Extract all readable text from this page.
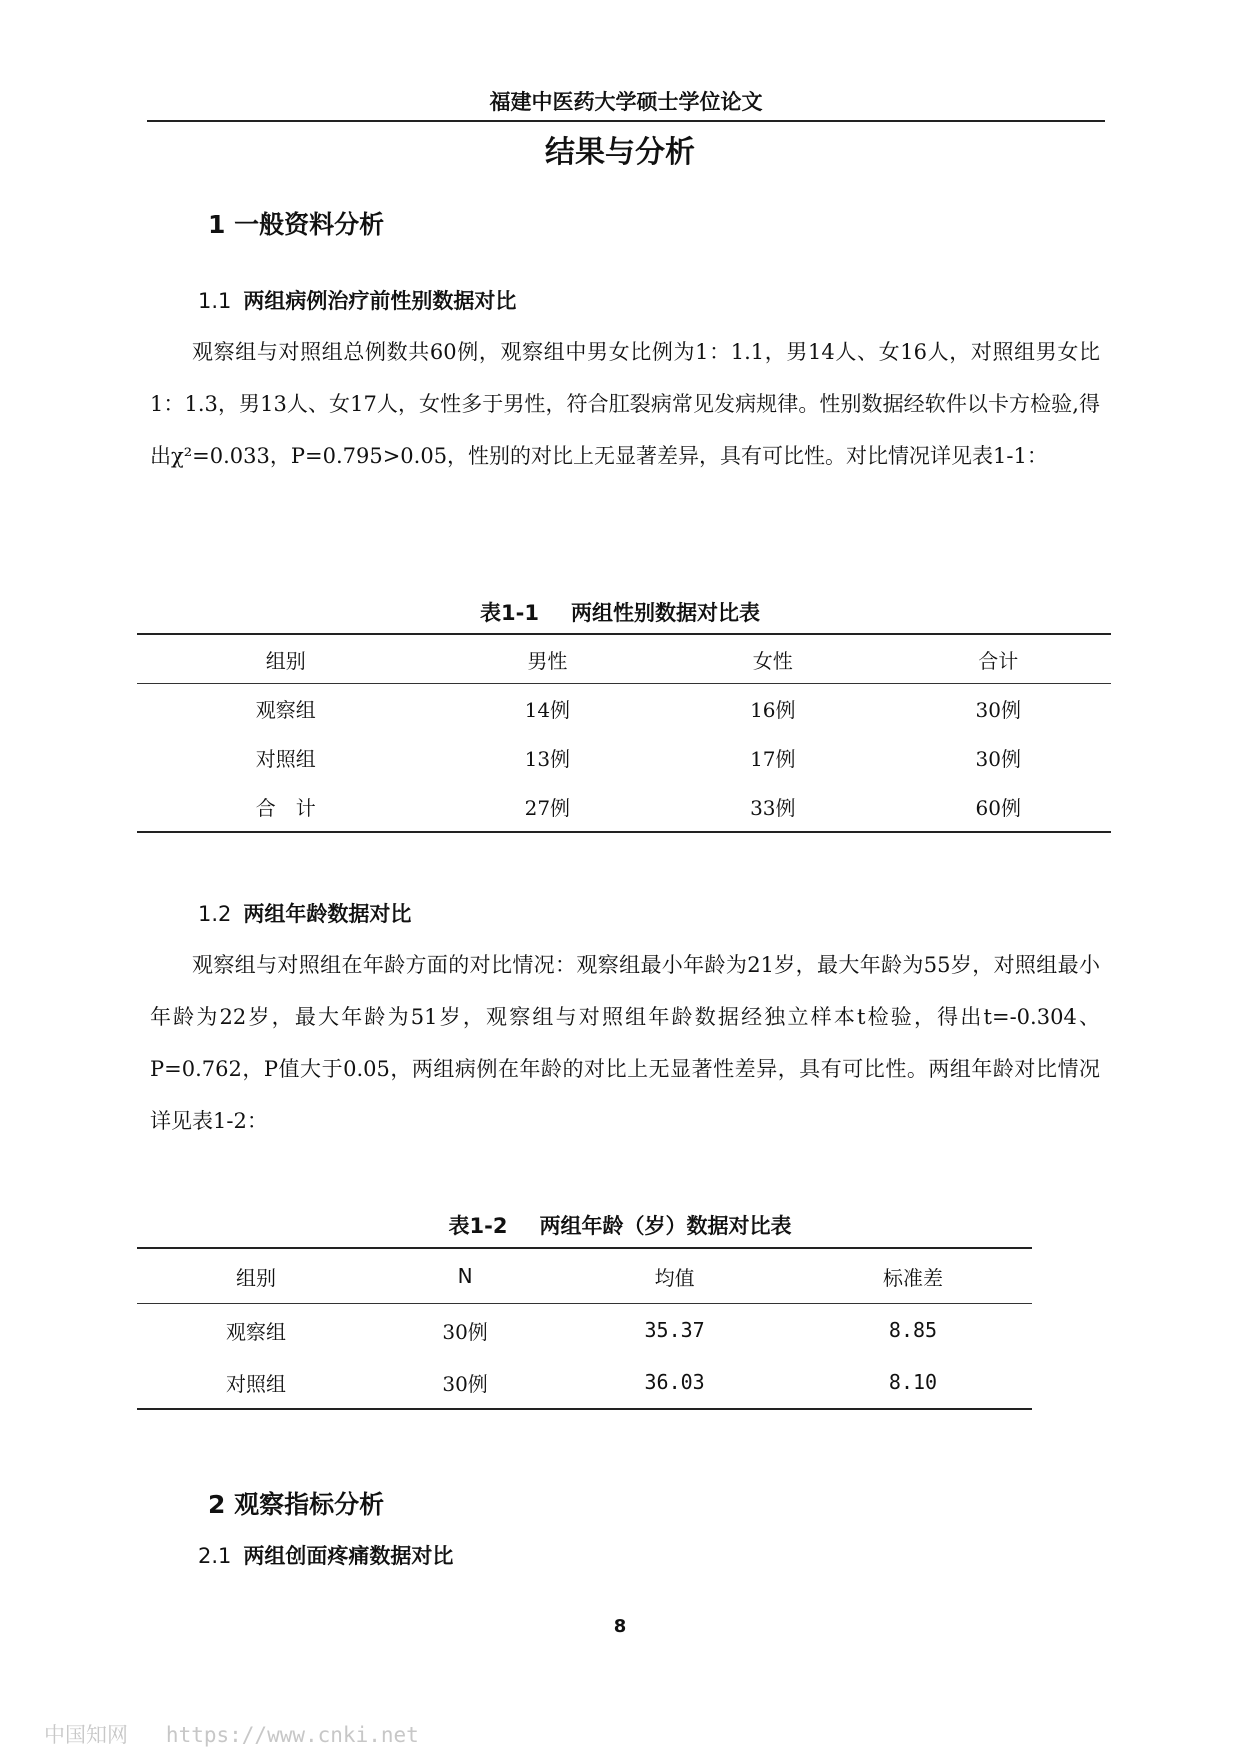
福建中医药大学硕士学位论文
结果与分析
1 一般资料分析
1.1 两组病例治疗前性别数据对比

观察组与对照组总例数共60例，观察组中男女比例为1：1.1，男14人、女16人，对照组男女比1：1.3，男13人、女17人，女性多于男性，符合肛裂病常见发病规律。性别数据经软件以卡方检验,得出χ²=0.033，P=0.795>0.05，性别的对比上无显著差异，具有可比性。对比情况详见表1-1：

表1-1 两组性别数据对比表
组别	男性	女性	合计
观察组	14例	16例	30例
对照组	13例	17例	30例
合　计	27例	33例	60例
1.2 两组年龄数据对比

观察组与对照组在年龄方面的对比情况：观察组最小年龄为21岁，最大年龄为55岁，对照组最小年龄为22岁，最大年龄为51岁，观察组与对照组年龄数据经独立样本t检验，得出t=-0.304、P=0.762，P值大于0.05，两组病例在年龄的对比上无显著性差异，具有可比性。两组年龄对比情况详见表1-2：

表1-2 两组年龄（岁）数据对比表
组别	N	均值	标准差
观察组	30例	35.37	8.85
对照组	30例	36.03	8.10
2 观察指标分析
2.1 两组创面疼痛数据对比
8
中国知网   https://www.cnki.net
